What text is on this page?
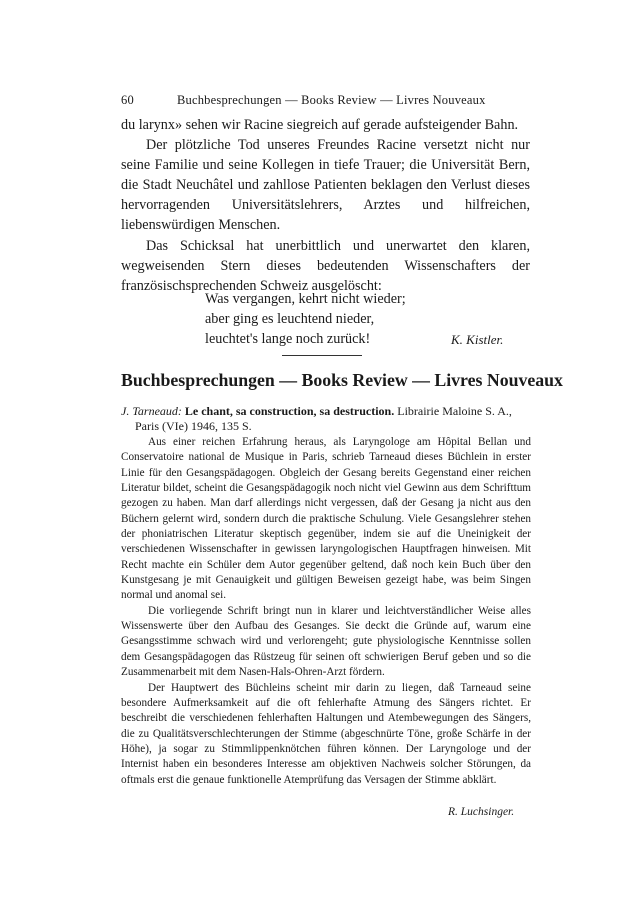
60	Buchbesprechungen — Books Review — Livres Nouveaux

du larynx» sehen wir Racine siegreich auf gerade aufsteigender Bahn.

Der plötzliche Tod unseres Freundes Racine versetzt nicht nur seine Familie und seine Kollegen in tiefe Trauer; die Universität Bern, die Stadt Neuchâtel und zahllose Patienten beklagen den Verlust dieses hervorragenden Universitätslehrers, Arztes und hilfreichen, liebenswürdigen Menschen.

Das Schicksal hat unerbittlich und unerwartet den klaren, wegweisenden Stern dieses bedeutenden Wissenschafters der französischsprechenden Schweiz ausgelöscht:

Was vergangen, kehrt nicht wieder;
aber ging es leuchtend nieder,
leuchtet's lange noch zurück!	K. Kistler.
Buchbesprechungen — Books Review — Livres Nouveaux
J. Tarneaud: Le chant, sa construction, sa destruction. Librairie Maloine S. A.,
Paris (VIe) 1946, 135 S.

Aus einer reichen Erfahrung heraus, als Laryngologe am Hôpital Bellan und Conservatoire national de Musique in Paris, schrieb Tarneaud dieses Büchlein in erster Linie für den Gesangspädagogen. Obgleich der Gesang bereits Gegenstand einer reichen Literatur bildet, scheint die Gesangspädagogik noch nicht viel Gewinn aus dem Schrifttum gezogen zu haben. Man darf allerdings nicht vergessen, daß der Gesang ja nicht aus den Büchern gelernt wird, sondern durch die praktische Schulung. Viele Gesangslehrer stehen der phoniatrischen Literatur skeptisch gegenüber, indem sie auf die Uneinigkeit der verschiedenen Wissenschafter in gewissen laryngologischen Hauptfragen hinweisen. Mit Recht machte ein Schüler dem Autor gegenüber geltend, daß noch kein Buch über den Kunstgesang je mit Genauigkeit und gültigen Beweisen gezeigt habe, was beim Singen normal und anomal sei.

Die vorliegende Schrift bringt nun in klarer und leichtverständlicher Weise alles Wissenswerte über den Aufbau des Gesanges. Sie deckt die Gründe auf, warum eine Gesangsstimme schwach wird und verlorengeht; gute physiologische Kenntnisse sollen dem Gesangspädagogen das Rüstzeug für seinen oft schwierigen Beruf geben und so die Zusammenarbeit mit dem Nasen-Hals-Ohren-Arzt fördern.

Der Hauptwert des Büchleins scheint mir darin zu liegen, daß Tarneaud seine besondere Aufmerksamkeit auf die oft fehlerhafte Atmung des Sängers richtet. Er beschreibt die verschiedenen fehlerhaften Haltungen und Atembewegungen des Sängers, die zu Qualitätsverschlechterungen der Stimme (abgeschnürte Töne, große Schärfe in der Höhe), ja sogar zu Stimmlippenknötchen führen können. Der Laryngologe und der Internist haben ein besonderes Interesse am objektiven Nachweis solcher Störungen, da oftmals erst die genaue funktionelle Atemprüfung das Versagen der Stimme abklärt.

R. Luchsinger.
